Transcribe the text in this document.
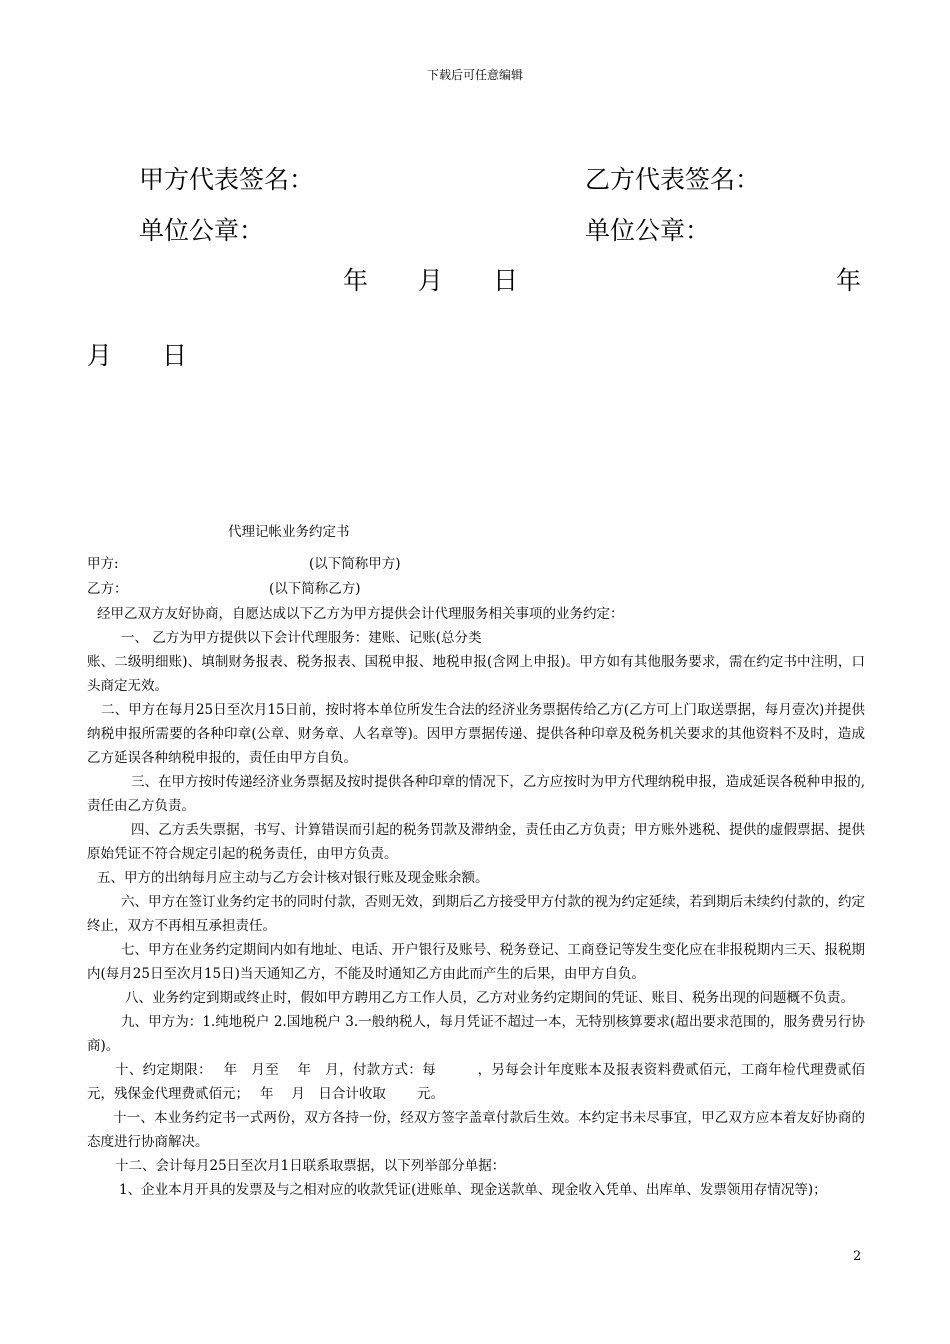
下载后可任意编辑
甲方代表签名：	乙方代表签名：
单位公章：	单位公章：
年　　月　　日	年
月　　日
代理记帐业务约定书
甲方:	(以下简称甲方)
乙方：	(以下简称乙方)

经甲乙双方友好协商，自愿达成以下乙方为甲方提供会计代理服务相关事项的业务约定：

一、 乙方为甲方提供以下会计代理服务：建账、记账(总分类

账、二级明细账)、填制财务报表、税务报表、国税申报、地税申报(含网上申报)。甲方如有其他服务要求，需在约定书中注明，口头商定无效。

二、甲方在每月25日至次月15日前，按时将本单位所发生合法的经济业务票据传给乙方(乙方可上门取送票据，每月壹次)并提供纳税申报所需要的各种印章(公章、财务章、人名章等)。因甲方票据传递、提供各种印章及税务机关要求的其他资料不及时，造成乙方延误各种纳税申报的，责任由甲方自负。

三、在甲方按时传递经济业务票据及按时提供各种印章的情况下，乙方应按时为甲方代理纳税申报，造成延误各税种申报的, 责任由乙方负责。

四、乙方丢失票据，书写、计算错误而引起的税务罚款及滞纳金，责任由乙方负责；甲方账外逃税、提供的虚假票据、提供原始凭证不符合规定引起的税务责任，由甲方负责。

五、甲方的出纳每月应主动与乙方会计核对银行账及现金账余额。

六、甲方在签订业务约定书的同时付款，否则无效，到期后乙方接受甲方付款的视为约定延续，若到期后未续约付款的，约定终止，双方不再相互承担责任。

七、甲方在业务约定期间内如有地址、电话、开户银行及账号、税务登记、工商登记等发生变化应在非报税期内三天、报税期内(每月25日至次月15日)当天通知乙方，不能及时通知乙方由此而产生的后果，由甲方自负。

八、业务约定到期或终止时，假如甲方聘用乙方工作人员，乙方对业务约定期间的凭证、账目、税务出现的问题概不负责。

九、甲方为：1.纯地税户 2.国地税户 3.一般纳税人，每月凭证不超过一本，无特别核算要求(超出要求范围的，服务费另行协商)。

十、约定期限：　 年　月至　 年　月，付款方式：每　　　，另每会计年度账本及报表资料费贰佰元，工商年检代理费贰佰元，残保金代理费贰佰元；　 年　 月　日合计收取　　 元。

十一、本业务约定书一式两份，双方各持一份，经双方签字盖章付款后生效。本约定书未尽事宜，甲乙双方应本着友好协商的态度进行协商解决。

十二、会计每月25日至次月1日联系取票据，以下列举部分单据：

1、企业本月开具的发票及与之相对应的收款凭证(进账单、现金送款单、现金收入凭单、出库单、发票领用存情况等)；

2
